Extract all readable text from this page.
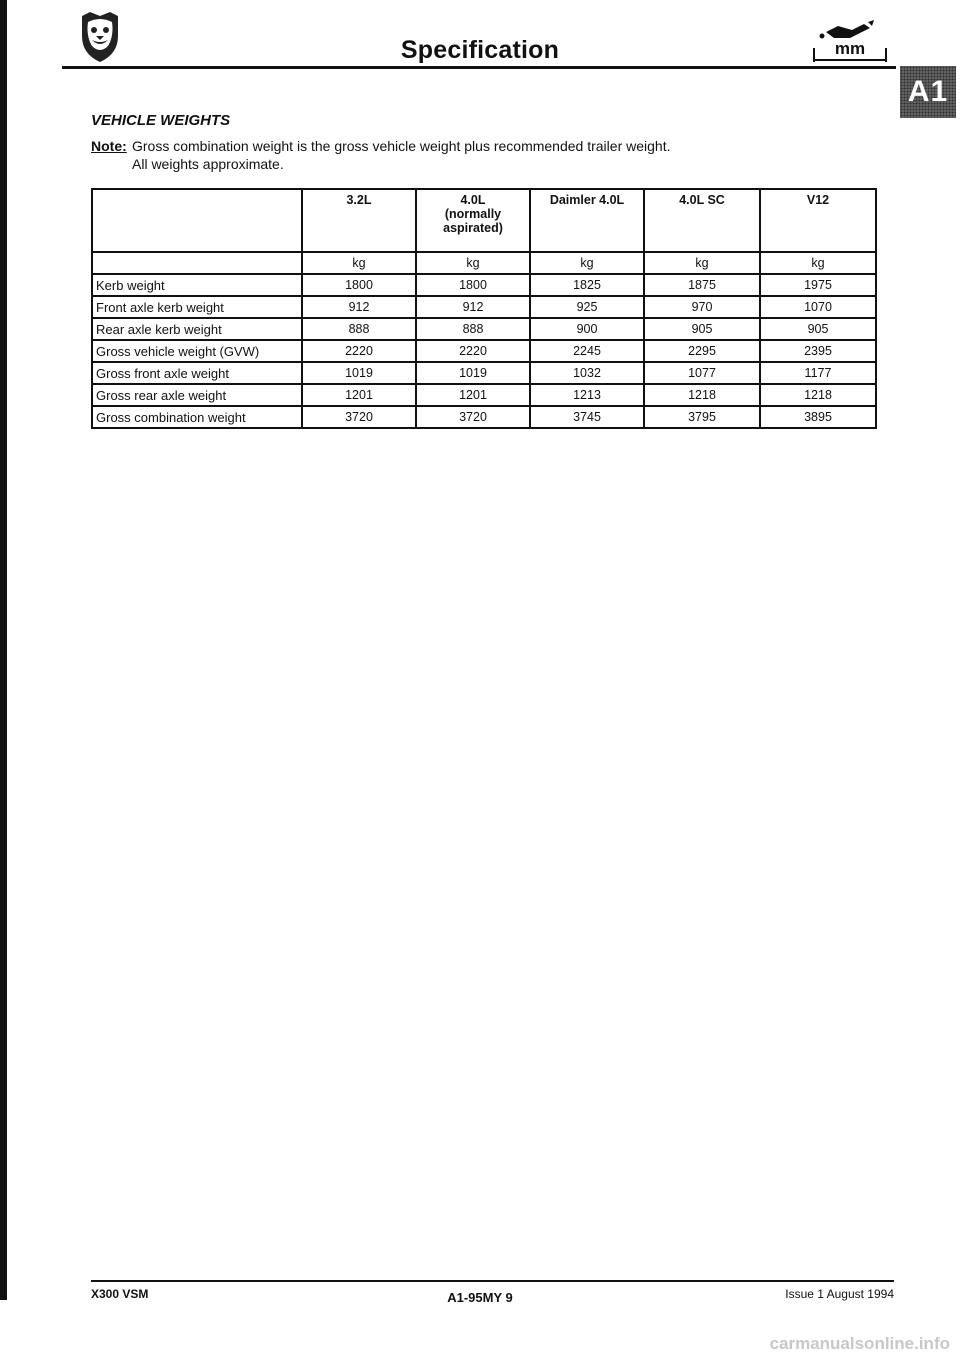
Specification	mm
A1
VEHICLE WEIGHTS
Note: Gross combination weight is the gross vehicle weight plus recommended trailer weight.
All weights approximate.
	3.2L	4.0L
(normally
aspirated)	Daimler 4.0L	4.0L SC	V12
	kg	kg	kg	kg	kg
Kerb weight	1800	1800	1825	1875	1975
Front axle kerb weight	912	912	925	970	1070
Rear axle kerb weight	888	888	900	905	905
Gross vehicle weight (GVW)	2220	2220	2245	2295	2395
Gross front axle weight	1019	1019	1032	1077	1177
Gross rear axle weight	1201	1201	1213	1218	1218
Gross combination weight	3720	3720	3745	3795	3895
X300 VSM	A1-95MY 9	Issue 1 August 1994
carmanualsonline.info
